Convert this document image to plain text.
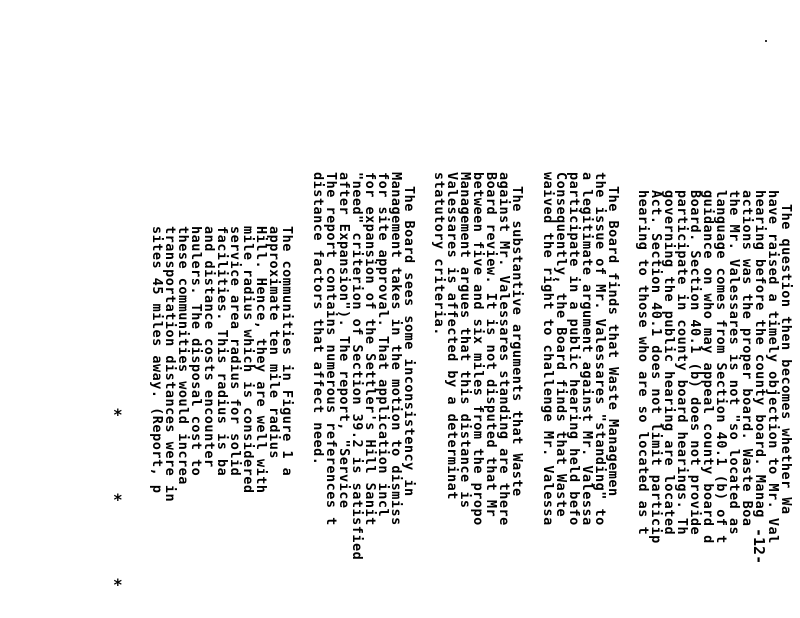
-12-
The question then becomes whether Wa
have raised a timely objection to Mr. Val
hearing before the county board. Manag
actions was the proper board. Waste Boa
the Mr. Valessares is not "so located as
language comes from Section 40.1 (b) of t
guidance on who may appeal county board d
Board. Section 40.1 (b) does not provide
participate in county board hearings. Th
governing the public hearing are located
Act. Section 40.1 does not limit particip
hearing to those who are so located as t
The Board finds that Waste Managemen
the issue of Mr. Valessares "standing" to
a legitimate argument against Mr. Valessa
participate in a public hearing held befo
Consequently, the Board finds that Waste
waived the right to challenge Mr. Valessa
The substantive arguments that Waste
against Mr. Valessares standing are there
Board review. It is not disputed that Mr
between five and six miles from the propo
Management argues that this distance is
Valessares is affected by a determinat
statutory criteria.
The Board sees some inconsistency in
Management takes in the motion to dismiss
for site approval. That application incl
for expansion of the Settler's Hill Sanit
"need" criterion of Section 39.2 is satisfied
after Expansion"). The report, "Service
The report contains numerous references t
distance factors that affect need.
The communities in Figure 1 a
approximate ten mile radius
Hill. Hence, they are well with
mile radius which is considered
service area radius for solid
facilities. This radius is ba
and distance costs encounter
haulers. The disposal cost to
these communities would increa
transportation distances were in
sites 45 miles away. (Report, p
*
*
*
